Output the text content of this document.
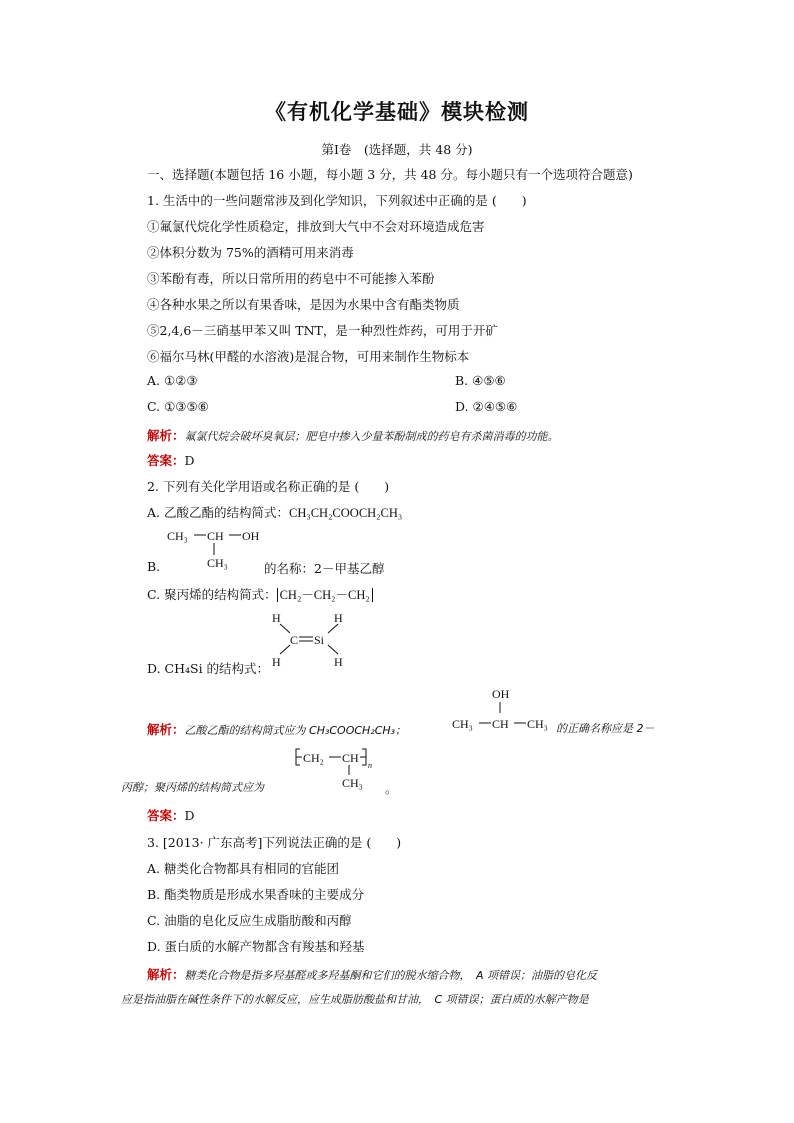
《有机化学基础》模块检测
第Ⅰ卷　(选择题，共 48 分)
一、选择题(本题包括 16 小题，每小题 3 分，共 48 分。每小题只有一个选项符合题意)
1. 生活中的一些问题常涉及到化学知识，下列叙述中正确的是 (　　)
①氟氯代烷化学性质稳定，排放到大气中不会对环境造成危害
②体积分数为 75%的酒精可用来消毒
③苯酚有毒，所以日常所用的药皂中不可能掺入苯酚
④各种水果之所以有果香味，是因为水果中含有酯类物质
⑤2,4,6－三硝基甲苯又叫 TNT，是一种烈性炸药，可用于开矿
⑥福尔马林(甲醛的水溶液)是混合物，可用来制作生物标本
A. ①②③	B. ④⑤⑥
C. ①③⑤⑥	D. ②④⑤⑥
解析：氟氯代烷会破坏臭氧层；肥皂中掺入少量苯酚制成的药皂有杀菌消毒的功能。
答案：D
2. 下列有关化学用语或名称正确的是 (　　)
A. 乙酸乙酯的结构简式：CH₃CH₂COOCH₂CH₃
B.
CH₃ CH OH
CH₃	的名称：2－甲基乙醇
C. 聚丙烯的结构简式： CH₂－CH₂－CH₂
D. CH₄Si 的结构式：
H	H
H	H
C Si
解析：乙酸乙酯的结构简式应为 CH₃COOCH₂CH₃；
OH
CH₃ CH CH₃ 的正确名称应是 2－
丙醇；聚丙烯的结构简式应为
CH₂ CH
n
CH₃ 。
答案：D
3. [2013· 广东高考]下列说法正确的是 (　　)
A. 糖类化合物都具有相同的官能团
B. 酯类物质是形成水果香味的主要成分
C. 油脂的皂化反应生成脂肪酸和丙醇
D. 蛋白质的水解产物都含有羧基和羟基
解析：糖类化合物是指多羟基醛或多羟基酮和它们的脱水缩合物，　A 项错误；油脂的皂化反
应是指油脂在碱性条件下的水解反应，应生成脂肪酸盐和甘油，　C 项错误；蛋白质的水解产物是
